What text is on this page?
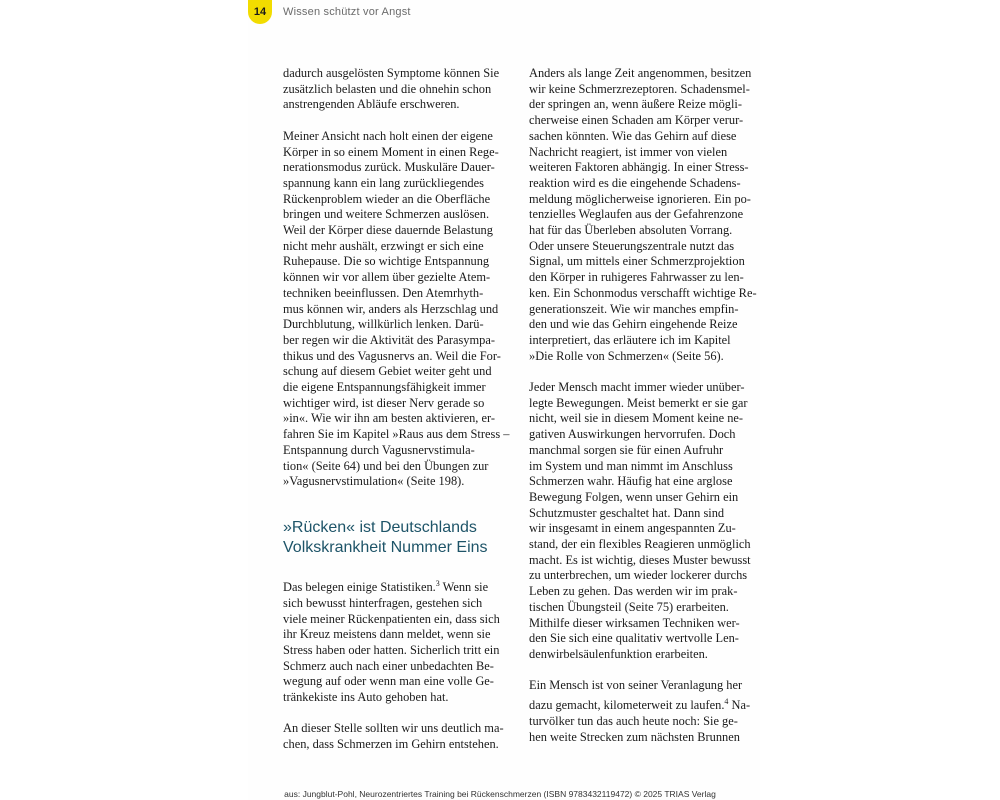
14 Wissen schützt vor Angst

dadurch ausgelösten Symptome können Sie
zusätzlich belasten und die ohnehin schon
anstrengenden Abläufe erschweren.

Meiner Ansicht nach holt einen der eigene
Körper in so einem Moment in einen Rege-
nerationsmodus zurück. Muskuläre Dauer-
spannung kann ein lang zurückliegendes
Rückenproblem wieder an die Oberfläche
bringen und weitere Schmerzen auslösen.
Weil der Körper diese dauernde Belastung
nicht mehr aushält, erzwingt er sich eine
Ruhepause. Die so wichtige Entspannung
können wir vor allem über gezielte Atem-
techniken beeinflussen. Den Atemrhyth-
mus können wir, anders als Herzschlag und
Durchblutung, willkürlich lenken. Darü-
ber regen wir die Aktivität des Parasympa-
thikus und des Vagusnervs an. Weil die For-
schung auf diesem Gebiet weiter geht und
die eigene Entspannungsfähigkeit immer
wichtiger wird, ist dieser Nerv gerade so
»in«. Wie wir ihn am besten aktivieren, er-
fahren Sie im Kapitel »Raus aus dem Stress –
Entspannung durch Vagusnervstimula-
tion« (Seite 64) und bei den Übungen zur
»Vagusnervstimulation« (Seite 198).

»Rücken« ist Deutschlands
Volkskrankheit Nummer Eins

Das belegen einige Statistiken.$^3$ Wenn sie
sich bewusst hinterfragen, gestehen sich
viele meiner Rückenpatienten ein, dass sich
ihr Kreuz meistens dann meldet, wenn sie
Stress haben oder hatten. Sicherlich tritt ein
Schmerz auch nach einer unbedachten Be-
wegung auf oder wenn man eine volle Ge-
tränkekiste ins Auto gehoben hat.

An dieser Stelle sollten wir uns deutlich ma-
chen, dass Schmerzen im Gehirn entstehen.

Anders als lange Zeit angenommen, besitzen
wir keine Schmerzrezeptoren. Schadensmel-
der springen an, wenn äußere Reize mögli-
cherweise einen Schaden am Körper verur-
sachen könnten. Wie das Gehirn auf diese
Nachricht reagiert, ist immer von vielen
weiteren Faktoren abhängig. In einer Stress-
reaktion wird es die eingehende Schadens-
meldung möglicherweise ignorieren. Ein po-
tenzielles Weglaufen aus der Gefahrenzone
hat für das Überleben absoluten Vorrang.
Oder unsere Steuerungszentrale nutzt das
Signal, um mittels einer Schmerzprojektion
den Körper in ruhigeres Fahrwasser zu len-
ken. Ein Schonmodus verschafft wichtige Re-
generationszeit. Wie wir manches empfin-
den und wie das Gehirn eingehende Reize
interpretiert, das erläutere ich im Kapitel
»Die Rolle von Schmerzen« (Seite 56).

Jeder Mensch macht immer wieder unüber-
legte Bewegungen. Meist bemerkt er sie gar
nicht, weil sie in diesem Moment keine ne-
gativen Auswirkungen hervorrufen. Doch
manchmal sorgen sie für einen Aufruhr
im System und man nimmt im Anschluss
Schmerzen wahr. Häufig hat eine arglose
Bewegung Folgen, wenn unser Gehirn ein
Schutzmuster geschaltet hat. Dann sind
wir insgesamt in einem angespannten Zu-
stand, der ein flexibles Reagieren unmöglich
macht. Es ist wichtig, dieses Muster bewusst
zu unterbrechen, um wieder lockerer durchs
Leben zu gehen. Das werden wir im prak-
tischen Übungsteil (Seite 75) erarbeiten.
Mithilfe dieser wirksamen Techniken wer-
den Sie sich eine qualitativ wertvolle Len-
denwirbelsäulenfunktion erarbeiten.

Ein Mensch ist von seiner Veranlagung her
dazu gemacht, kilometerweit zu laufen.$^4$ Na-
turvölker tun das auch heute noch: Sie ge-
hen weite Strecken zum nächsten Brunnen

aus: Jungblut-Pohl, Neurozentriertes Training bei Rückenschmerzen (ISBN 9783432119472) © 2025 TRIAS Verlag
